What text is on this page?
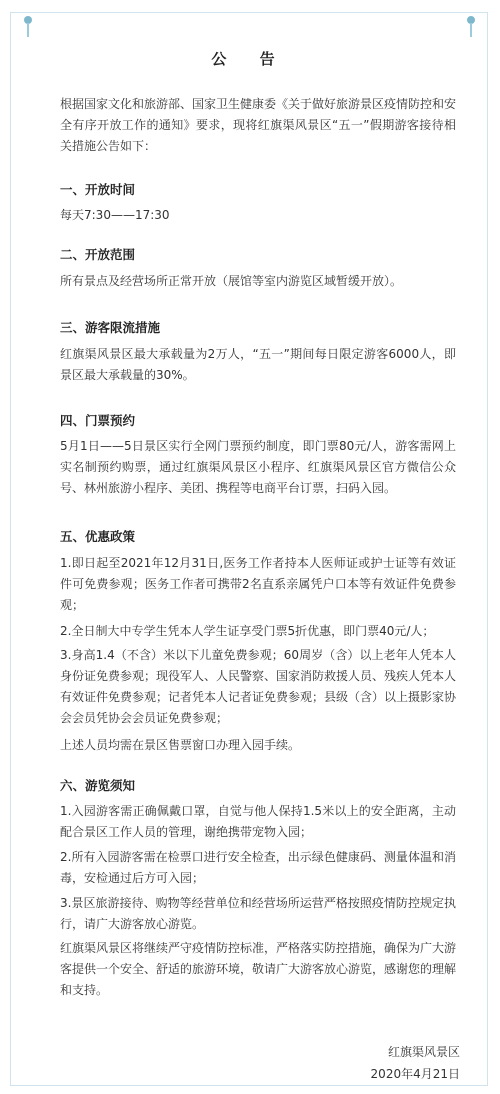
公 告
根据国家文化和旅游部、国家卫生健康委《关于做好旅游景区疫情防控和安全有序开放工作的通知》要求，现将红旗渠风景区“五一”假期游客接待相关措施公告如下：
一、开放时间
每天7:30——17:30
二、开放范围
所有景点及经营场所正常开放（展馆等室内游览区域暂缓开放）。
三、游客限流措施
红旗渠风景区最大承载量为2万人，“五一”期间每日限定游客6000人，即景区最大承载量的30%。
四、门票预约
5月1日——5日景区实行全网门票预约制度，即门票80元/人，游客需网上实名制预约购票，通过红旗渠风景区小程序、红旗渠风景区官方微信公众号、林州旅游小程序、美团、携程等电商平台订票，扫码入园。
五、优惠政策
1.即日起至2021年12月31日,医务工作者持本人医师证或护士证等有效证件可免费参观；医务工作者可携带2名直系亲属凭户口本等有效证件免费参观；
2.全日制大中专学生凭本人学生证享受门票5折优惠，即门票40元/人；
3.身高1.4（不含）米以下儿童免费参观；60周岁（含）以上老年人凭本人身份证免费参观；现役军人、人民警察、国家消防救援人员、残疾人凭本人有效证件免费参观；记者凭本人记者证免费参观；县级（含）以上摄影家协会会员凭协会会员证免费参观；
上述人员均需在景区售票窗口办理入园手续。
六、游览须知
1.入园游客需正确佩戴口罩，自觉与他人保持1.5米以上的安全距离，主动配合景区工作人员的管理，谢绝携带宠物入园；
2.所有入园游客需在检票口进行安全检查，出示绿色健康码、测量体温和消毒，安检通过后方可入园；
3.景区旅游接待、购物等经营单位和经营场所运营严格按照疫情防控规定执行，请广大游客放心游览。
红旗渠风景区将继续严守疫情防控标准，严格落实防控措施，确保为广大游客提供一个安全、舒适的旅游环境，敬请广大游客放心游览，感谢您的理解和支持。
红旗渠风景区
2020年4月21日
